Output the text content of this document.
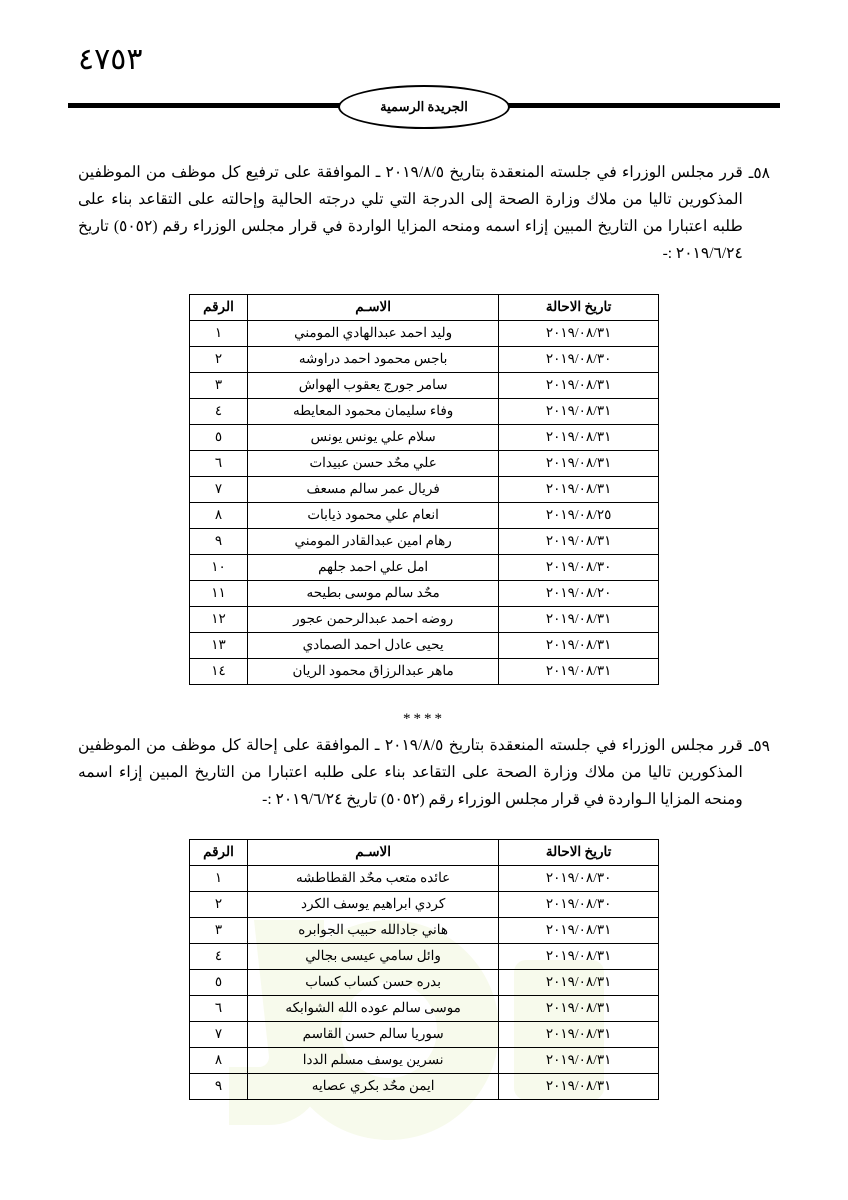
٤٧٥٣
الجريدة الرسمية
٥٨ـ
قرر مجلس الوزراء في جلسته المنعقدة بتاريخ ٢٠١٩/٨/٥ ـ الموافقة على ترفيع كل موظف من الموظفين المذكورين تاليا من ملاك وزارة الصحة إلى الدرجة التي تلي درجته الحالية وإحالته على التقاعد بناء على طلبه اعتبارا من التاريخ المبين إزاء اسمه ومنحه المزايا الواردة في قرار مجلس الوزراء رقم (٥٠٥٢) تاريخ ٢٠١٩/٦/٢٤ :-
تاريخ الاحالة	الاسـم	الرقم
٢٠١٩/٠٨/٣١	وليد احمد عبدالهادي المومني	١
٢٠١٩/٠٨/٣٠	باجس محمود احمد دراوشه	٢
٢٠١٩/٠٨/٣١	سامر جورج يعقوب الهواش	٣
٢٠١٩/٠٨/٣١	وفاء سليمان محمود المعايطه	٤
٢٠١٩/٠٨/٣١	سلام علي يونس يونس	٥
٢٠١٩/٠٨/٣١	علي محٌد حسن عبيدات	٦
٢٠١٩/٠٨/٣١	فريال عمر سالم مسعف	٧
٢٠١٩/٠٨/٢٥	انعام علي محمود ذيابات	٨
٢٠١٩/٠٨/٣١	رهام امين عبدالقادر المومني	٩
٢٠١٩/٠٨/٣٠	امل علي احمد جلهم	١٠
٢٠١٩/٠٨/٢٠	محٌد سالم موسى بطيحه	١١
٢٠١٩/٠٨/٣١	روضه احمد عبدالرحمن عجور	١٢
٢٠١٩/٠٨/٣١	يحيى عادل احمد الصمادي	١٣
٢٠١٩/٠٨/٣١	ماهر عبدالرزاق محمود الريان	١٤
****
٥٩ـ
قرر مجلس الوزراء في جلسته المنعقدة بتاريخ ٢٠١٩/٨/٥ ـ الموافقة على إحالة كل موظف من الموظفين المذكورين تاليا من ملاك وزارة الصحة على التقاعد بناء على طلبه اعتبارا من التاريخ المبين إزاء اسمه ومنحه المزايا الـواردة في قرار مجلس الوزراء رقم (٥٠٥٢) تاريخ ٢٠١٩/٦/٢٤ :-
تاريخ الاحالة	الاسـم	الرقم
٢٠١٩/٠٨/٣٠	عائده متعب محٌد القطاطشه	١
٢٠١٩/٠٨/٣٠	كردي ابراهيم يوسف الكرد	٢
٢٠١٩/٠٨/٣١	هاني جادالله حبيب الجوابره	٣
٢٠١٩/٠٨/٣١	وائل سامي عيسى بجالي	٤
٢٠١٩/٠٨/٣١	بدره حسن كساب كساب	٥
٢٠١٩/٠٨/٣١	موسى سالم عوده الله الشوابكه	٦
٢٠١٩/٠٨/٣١	سوريا سالم حسن القاسم	٧
٢٠١٩/٠٨/٣١	نسرين يوسف مسلم الددا	٨
٢٠١٩/٠٨/٣١	ايمن محٌد بكري عصايه	٩
